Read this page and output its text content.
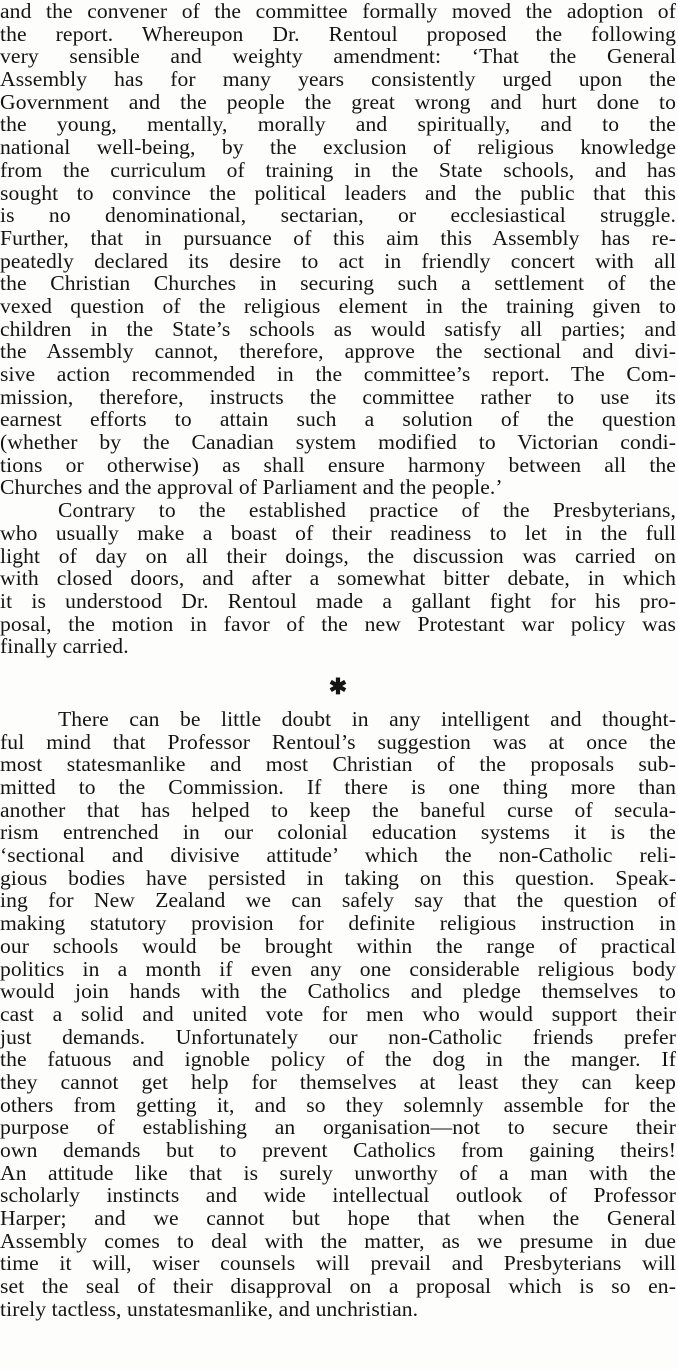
and the convener of the committee formally moved the adoption of
the report. Whereupon Dr. Rentoul proposed the following
very sensible and weighty amendment: ‘That the General
Assembly has for many years consistently urged upon the
Government and the people the great wrong and hurt done to
the young, mentally, morally and spiritually, and to the
national well-being, by the exclusion of religious knowledge
from the curriculum of training in the State schools, and has
sought to convince the political leaders and the public that this
is no denominational, sectarian, or ecclesiastical struggle.
Further, that in pursuance of this aim this Assembly has re-
peatedly declared its desire to act in friendly concert with all
the Christian Churches in securing such a settlement of the
vexed question of the religious element in the training given to
children in the State’s schools as would satisfy all parties; and
the Assembly cannot, therefore, approve the sectional and divi-
sive action recommended in the committee’s report. The Com-
mission, therefore, instructs the committee rather to use its
earnest efforts to attain such a solution of the question
(whether by the Canadian system modified to Victorian condi-
tions or otherwise) as shall ensure harmony between all the
Churches and the approval of Parliament and the people.’
Contrary to the established practice of the Presbyterians,
who usually make a boast of their readiness to let in the full
light of day on all their doings, the discussion was carried on
with closed doors, and after a somewhat bitter debate, in which
it is understood Dr. Rentoul made a gallant fight for his pro-
posal, the motion in favor of the new Protestant war policy was
finally carried.
✱
There can be little doubt in any intelligent and thought-
ful mind that Professor Rentoul’s suggestion was at once the
most statesmanlike and most Christian of the proposals sub-
mitted to the Commission. If there is one thing more than
another that has helped to keep the baneful curse of secula-
rism entrenched in our colonial education systems it is the
‘sectional and divisive attitude’ which the non-Catholic reli-
gious bodies have persisted in taking on this question. Speak-
ing for New Zealand we can safely say that the question of
making statutory provision for definite religious instruction in
our schools would be brought within the range of practical
politics in a month if even any one considerable religious body
would join hands with the Catholics and pledge themselves to
cast a solid and united vote for men who would support their
just demands. Unfortunately our non-Catholic friends prefer
the fatuous and ignoble policy of the dog in the manger. If
they cannot get help for themselves at least they can keep
others from getting it, and so they solemnly assemble for the
purpose of establishing an organisation—not to secure their
own demands but to prevent Catholics from gaining theirs!
An attitude like that is surely unworthy of a man with the
scholarly instincts and wide intellectual outlook of Professor
Harper; and we cannot but hope that when the General
Assembly comes to deal with the matter, as we presume in due
time it will, wiser counsels will prevail and Presbyterians will
set the seal of their disapproval on a proposal which is so en-
tirely tactless, unstatesmanlike, and unchristian.
